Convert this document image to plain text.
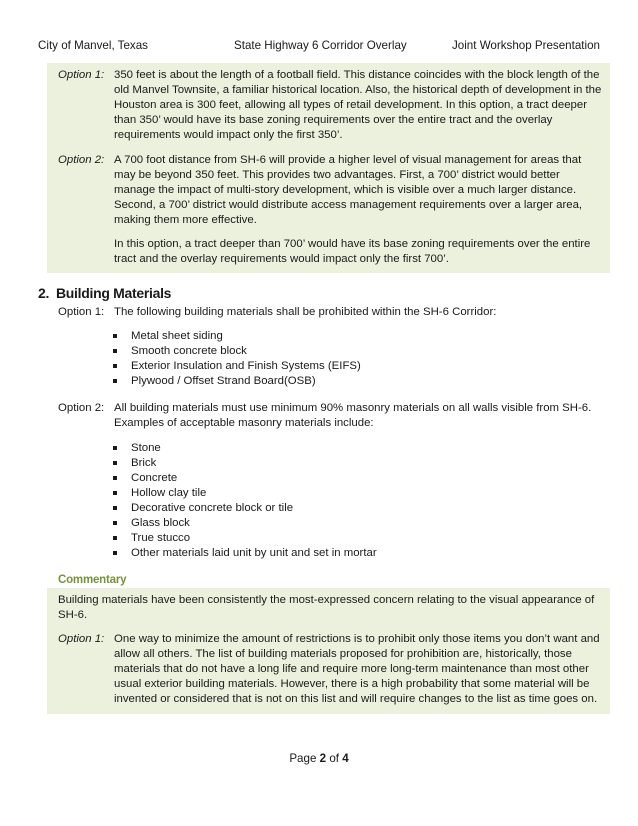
City of Manvel, Texas	State Highway 6 Corridor Overlay	Joint Workshop Presentation
Option 1: 350 feet is about the length of a football field. This distance coincides with the block length of the old Manvel Townsite, a familiar historical location. Also, the historical depth of development in the Houston area is 300 feet, allowing all types of retail development. In this option, a tract deeper than 350’ would have its base zoning requirements over the entire tract and the overlay requirements would impact only the first 350’.

Option 2: A 700 foot distance from SH-6 will provide a higher level of visual management for areas that may be beyond 350 feet. This provides two advantages. First, a 700’ district would better manage the impact of multi-story development, which is visible over a much larger distance. Second, a 700’ district would distribute access management requirements over a larger area, making them more effective.

In this option, a tract deeper than 700’ would have its base zoning requirements over the entire tract and the overlay requirements would impact only the first 700’.

2. Building Materials
Option 1: The following building materials shall be prohibited within the SH-6 Corridor:
Metal sheet siding
Smooth concrete block
Exterior Insulation and Finish Systems (EIFS)
Plywood / Offset Strand Board(OSB)
Option 2: All building materials must use minimum 90% masonry materials on all walls visible from SH-6. Examples of acceptable masonry materials include:
Stone
Brick
Concrete
Hollow clay tile
Decorative concrete block or tile
Glass block
True stucco
Other materials laid unit by unit and set in mortar
Commentary
Building materials have been consistently the most-expressed concern relating to the visual appearance of SH-6.
Option 1: One way to minimize the amount of restrictions is to prohibit only those items you don’t want and allow all others. The list of building materials proposed for prohibition are, historically, those materials that do not have a long life and require more long-term maintenance than most other usual exterior building materials. However, there is a high probability that some material will be invented or considered that is not on this list and will require changes to the list as time goes on.

Page 2 of 4
